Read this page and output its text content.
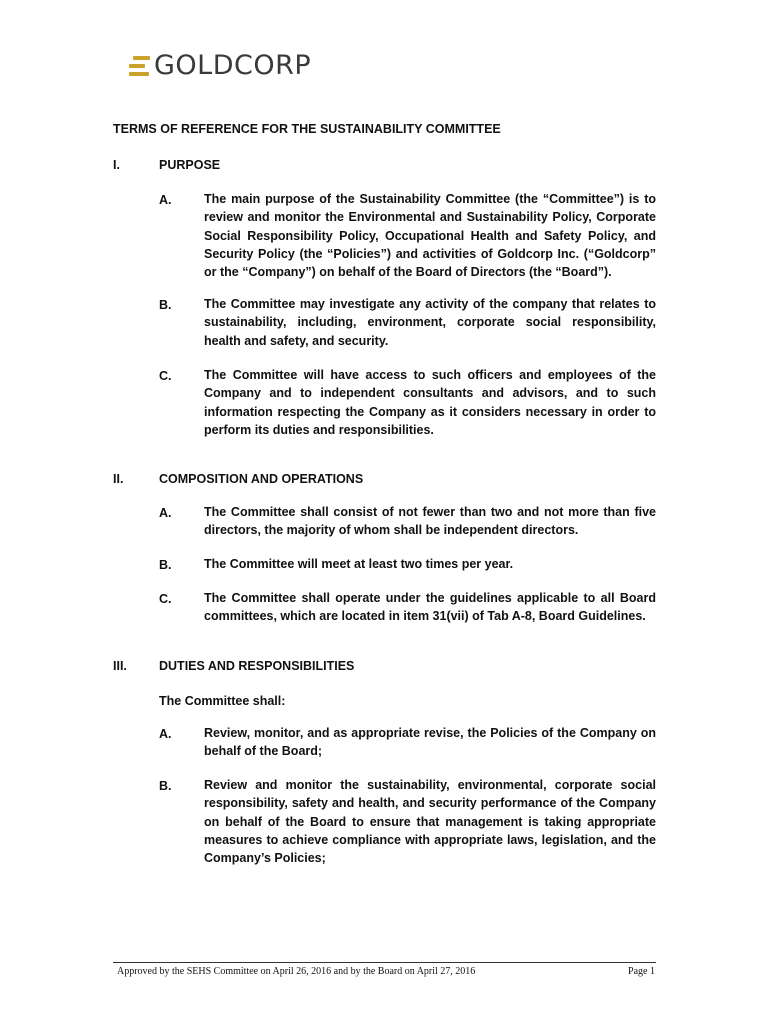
GOLDCORP
TERMS OF REFERENCE FOR THE SUSTAINABILITY COMMITTEE
I.	PURPOSE
A.	The main purpose of the Sustainability Committee (the “Committee”) is to review and monitor the Environmental and Sustainability Policy, Corporate Social Responsibility Policy, Occupational Health and Safety Policy, and Security Policy (the “Policies”) and activities of Goldcorp Inc. (“Goldcorp” or the “Company”) on behalf of the Board of Directors (the “Board”).
B.	The Committee may investigate any activity of the company that relates to sustainability, including, environment, corporate social responsibility, health and safety, and security.
C.	The Committee will have access to such officers and employees of the Company and to independent consultants and advisors, and to such information respecting the Company as it considers necessary in order to perform its duties and responsibilities.
II.	COMPOSITION AND OPERATIONS
A.	The Committee shall consist of not fewer than two and not more than five directors, the majority of whom shall be independent directors.
B.	The Committee will meet at least two times per year.
C.	The Committee shall operate under the guidelines applicable to all Board committees, which are located in item 31(vii) of Tab A-8, Board Guidelines.
III.	DUTIES AND RESPONSIBILITIES
The Committee shall:
A.	Review, monitor, and as appropriate revise, the Policies of the Company on behalf of the Board;
B.	Review and monitor the sustainability, environmental, corporate social responsibility, safety and health, and security performance of the Company on behalf of the Board to ensure that management is taking appropriate measures to achieve compliance with appropriate laws, legislation, and the Company’s Policies;
Approved by the SEHS Committee on April 26, 2016 and by the Board on April 27, 2016	Page 1
